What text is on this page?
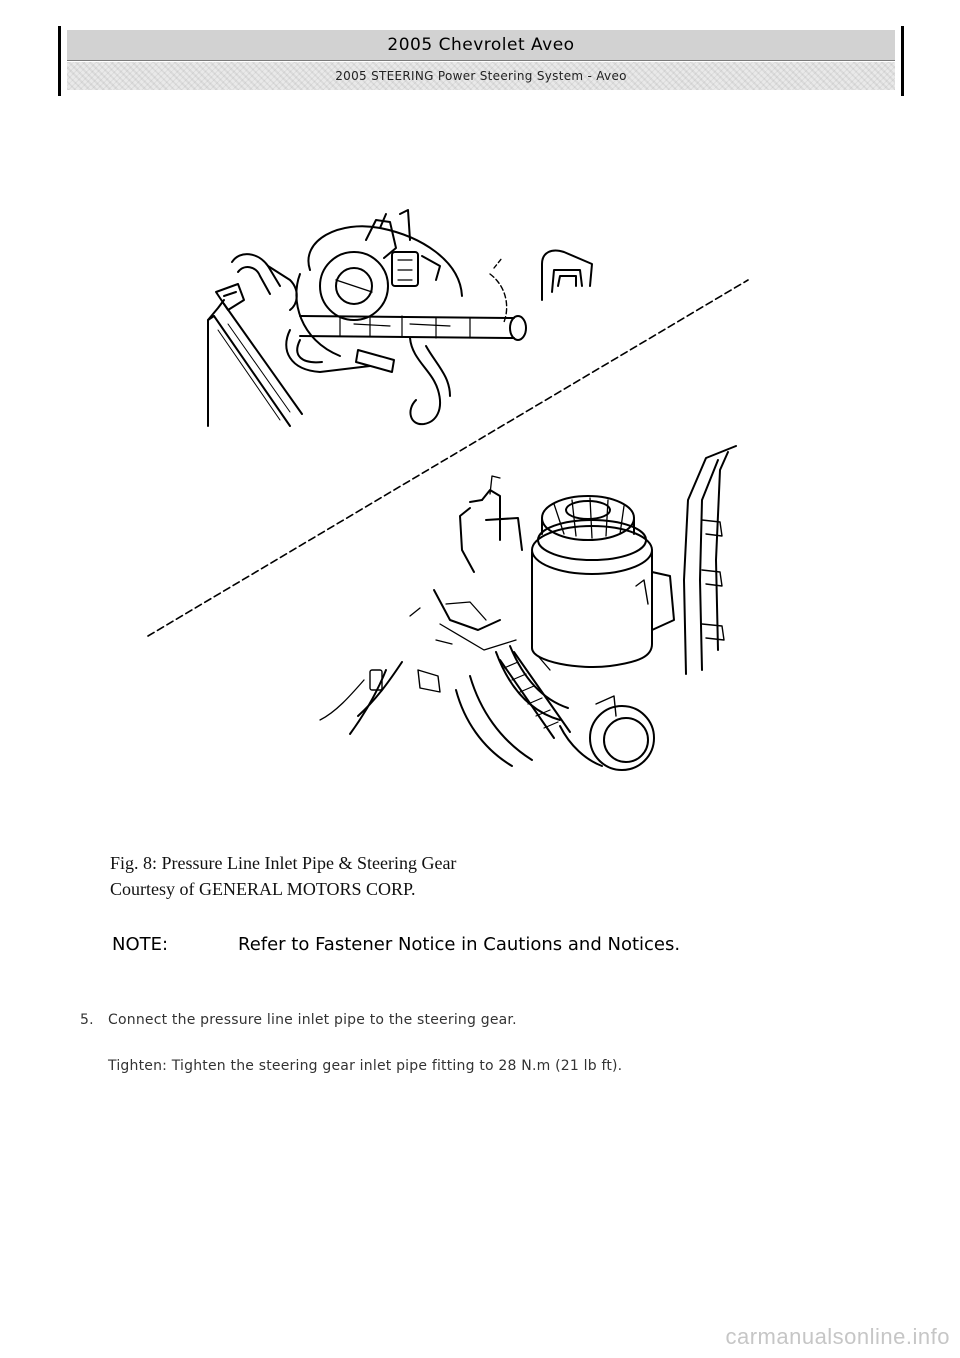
2005 Chevrolet Aveo
2005 STEERING Power Steering System - Aveo
Fig. 8: Pressure Line Inlet Pipe & Steering Gear
Courtesy of GENERAL MOTORS CORP.
NOTE:	Refer to Fastener Notice in Cautions and Notices.
5. Connect the pressure line inlet pipe to the steering gear.
Tighten: Tighten the steering gear inlet pipe fitting to 28 N.m (21 lb ft).
carmanualsonline.info
